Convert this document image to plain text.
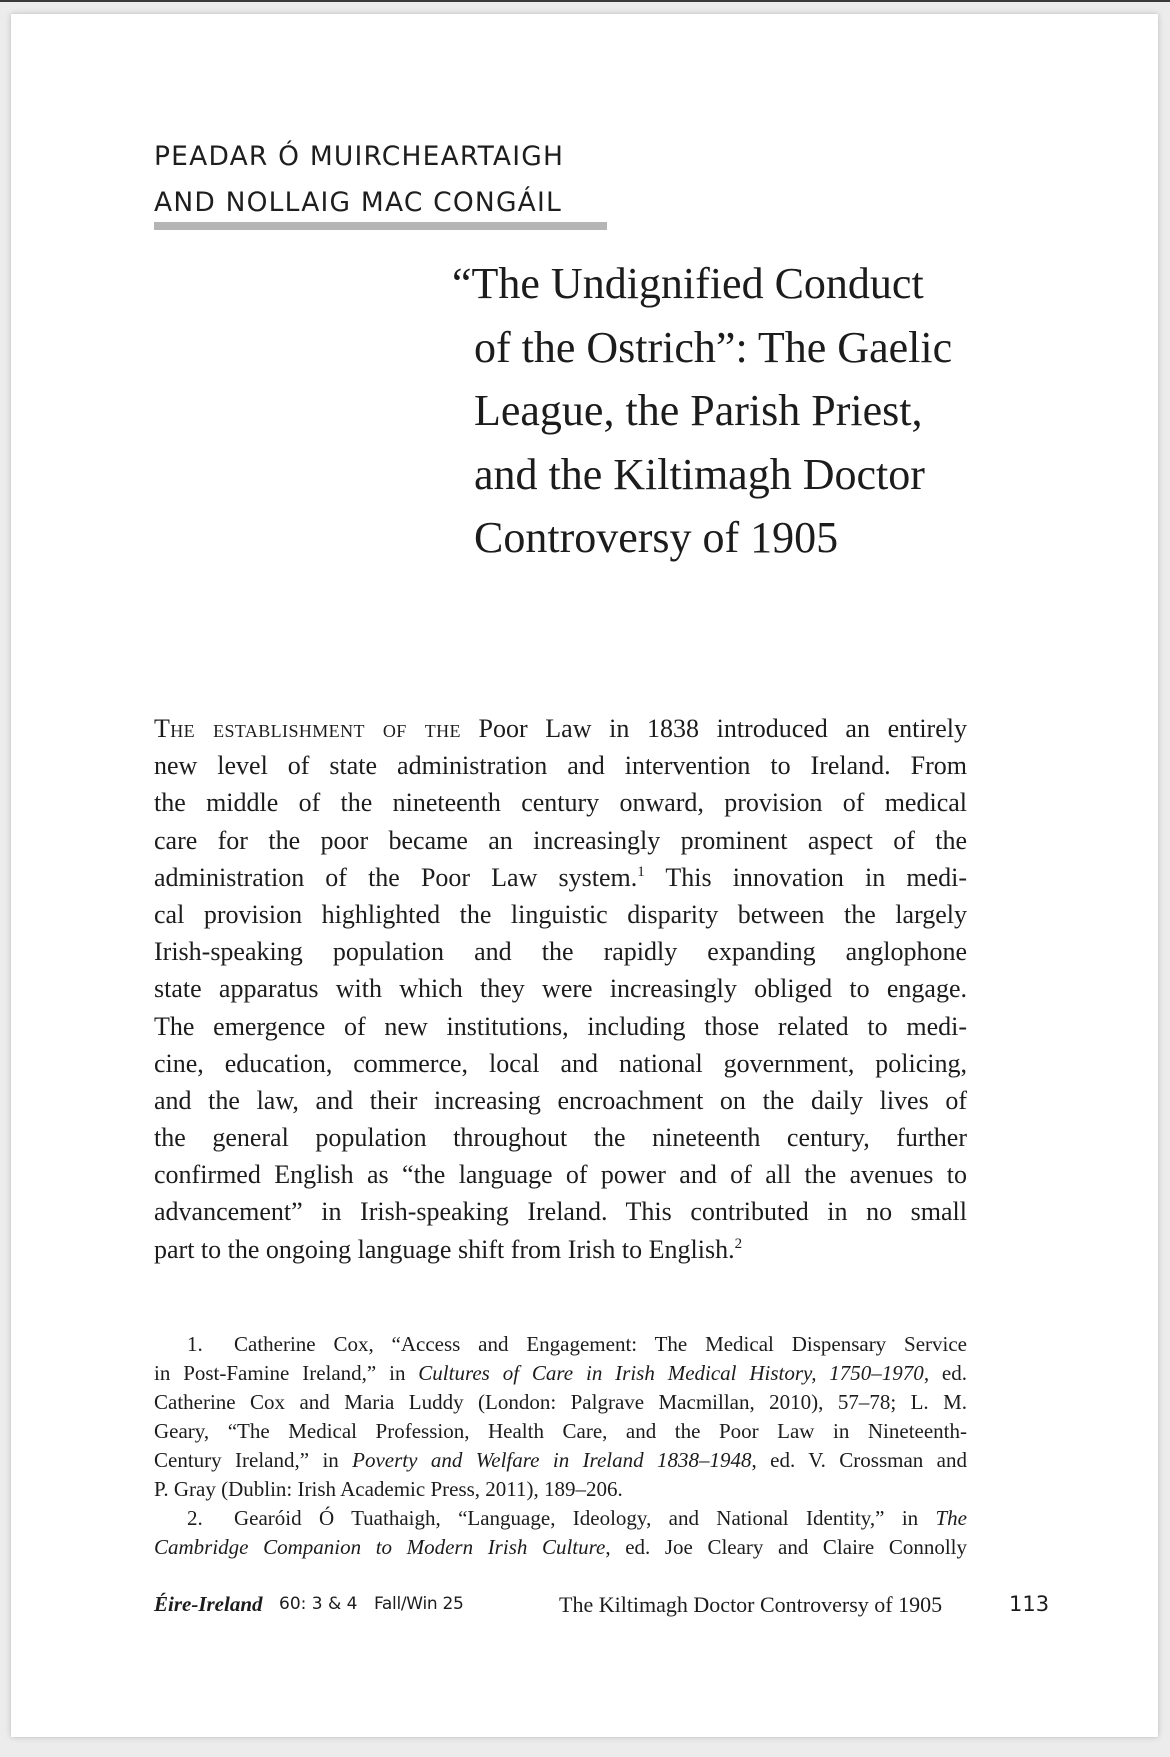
PEADAR Ó MUIRCHEARTAIGH
AND NOLLAIG MAC CONGÁIL
“The Undignified Conduct
of the Ostrich”: The Gaelic
League, the Parish Priest,
and the Kiltimagh Doctor
Controversy of 1905
The establishment of the Poor Law in 1838 introduced an entirely
new level of state administration and intervention to Ireland. From
the middle of the nineteenth century onward, provision of medical
care for the poor became an increasingly prominent aspect of the
administration of the Poor Law system.$^1$ This innovation in medi-
cal provision highlighted the linguistic disparity between the largely
Irish-speaking population and the rapidly expanding anglophone
state apparatus with which they were increasingly obliged to engage.
The emergence of new institutions, including those related to medi-
cine, education, commerce, local and national government, policing,
and the law, and their increasing encroachment on the daily lives of
the general population throughout the nineteenth century, further
confirmed English as “the language of power and of all the avenues to
advancement” in Irish-speaking Ireland. This contributed in no small
part to the ongoing language shift from Irish to English.$^2$
1. Catherine Cox, “Access and Engagement: The Medical Dispensary Service
in Post-Famine Ireland,” in Cultures of Care in Irish Medical History, 1750–1970, ed.
Catherine Cox and Maria Luddy (London: Palgrave Macmillan, 2010), 57–78; L. M.
Geary, “The Medical Profession, Health Care, and the Poor Law in Nineteenth-
Century Ireland,” in Poverty and Welfare in Ireland 1838–1948, ed. V. Crossman and
P. Gray (Dublin: Irish Academic Press, 2011), 189–206.
2. Gearóid Ó Tuathaigh, “Language, Ideology, and National Identity,” in The
Cambridge Companion to Modern Irish Culture, ed. Joe Cleary and Claire Connolly
Éire-Ireland 60: 3 & 4 Fall/Win 25	The Kiltimagh Doctor Controversy of 1905	113
